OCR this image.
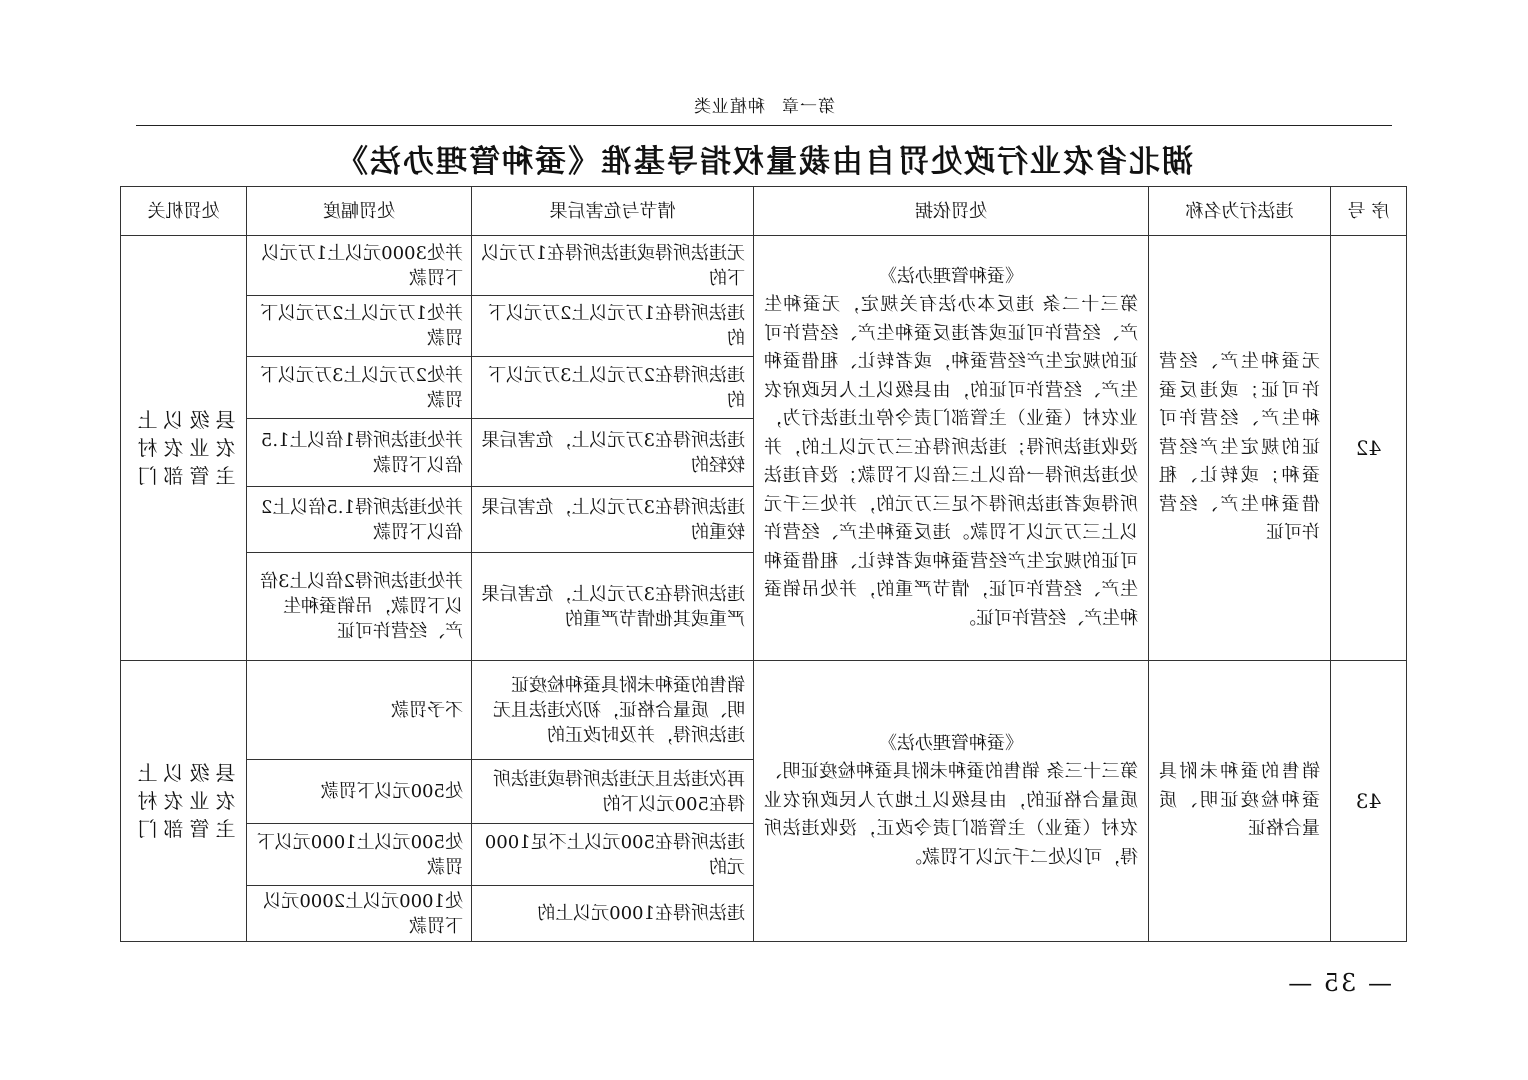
第一章种植业类
湖北省农业行政处罚自由裁量权指导基准《蚕种管理办法》
序 号	违法行为名称	处罚依据	情节与危害后果	处罚幅度	处罚机关
42	无蚕种生产、经营许可证；或违反蚕种生产、经营许可证的规定生产经营蚕种；或转让、租借蚕种生产、经营许可证	《蚕种管理办法》
第三十二条 违反本办法有关规定，无蚕种生产、经营许可证或者违反蚕种生产、经营许可证的规定生产经营蚕种，或者转让、租借蚕种生产、经营许可证的，由县级以上人民政府农业农村（蚕业）主管部门责令停止违法行为，没收违法所得；违法所得在三万元以上的，并处违法所得一倍以上三倍以下罚款；没有违法所得或者违法所得不足三万元的，并处三千元以上三万元以下罚款。违反蚕种生产、经营许可证的规定生产经营蚕种或者转让、租借蚕种生产、经营许可证，情节严重的，并处吊销蚕种生产、经营许可证。	无违法所得或违法所得在1万元以下的	并处3000元以上1万元以下罚款	县级以上农业农村主管部门
			违法所得在1万元以上2万元以下的	并处1万元以上2万元以下罚款	
			违法所得在2万元以上3万元以下的	并处2万元以上3万元以下罚款	
			违法所得在3万元以上，危害后果较轻的	并处违法所得1倍以上1.5倍以下罚款	
			违法所得在3万元以上，危害后果较重的	并处违法所得1.5倍以上2倍以下罚款	
			违法所得在3万元以上，危害后果严重或其他情节严重的	并处违法所得2倍以上3倍以下罚款，吊销蚕种生产、经营许可证	
43	销售的蚕种未附具蚕种检疫证明、质量合格证	《蚕种管理办法》
第三十三条 销售的蚕种未附具蚕种检疫证明、质量合格证的，由县级以上地方人民政府农业农村（蚕业）主管部门责令改正，没收违法所得，可以处二千元以下罚款。	销售的蚕种未附具蚕种检疫证明、质量合格证，初次违法且无违法所得，并及时改正的	不予罚款	县级以上农业农村主管部门
			再次违法且无违法所得或违法所得在500元以下的	处500元以下罚款	
			违法所得在500元以上不足1000元的	处500元以上1000元以下罚款	
			违法所得在1000元以上的	处1000元以上2000元以下罚款	
— 35 —
